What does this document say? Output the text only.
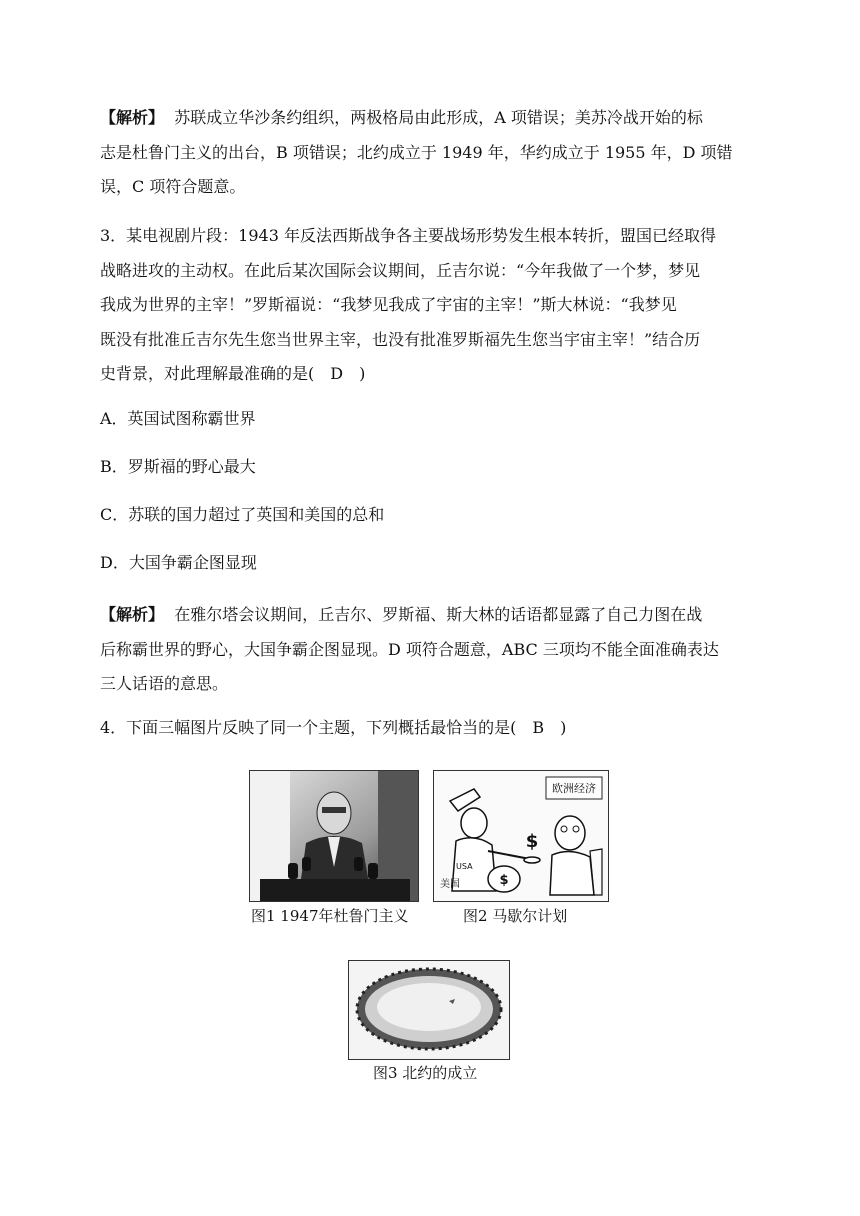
【解析】 苏联成立华沙条约组织，两极格局由此形成，A 项错误；美苏冷战开始的标
志是杜鲁门主义的出台，B 项错误；北约成立于 1949 年，华约成立于 1955 年，D 项错
误，C 项符合题意。
3．某电视剧片段：1943 年反法西斯战争各主要战场形势发生根本转折，盟国已经取得
战略进攻的主动权。在此后某次国际会议期间，丘吉尔说：“今年我做了一个梦，梦见
我成为世界的主宰！”罗斯福说：“我梦见我成了宇宙的主宰！”斯大林说：“我梦见
既没有批准丘吉尔先生您当世界主宰，也没有批准罗斯福先生您当宇宙主宰！”结合历
史背景，对此理解最准确的是(　D　)
A．英国试图称霸世界
B．罗斯福的野心最大
C．苏联的国力超过了英国和美国的总和
D．大国争霸企图显现
【解析】 在雅尔塔会议期间，丘吉尔、罗斯福、斯大林的话语都显露了自己力图在战
后称霸世界的野心，大国争霸企图显现。D 项符合题意，ABC 三项均不能全面准确表达
三人话语的意思。
4．下面三幅图片反映了同一个主题，下列概括最恰当的是(　B　)
欧洲经济
$
$
USA
美国
图1 1947年杜鲁门主义	图2 马歇尔计划
图3 北约的成立
